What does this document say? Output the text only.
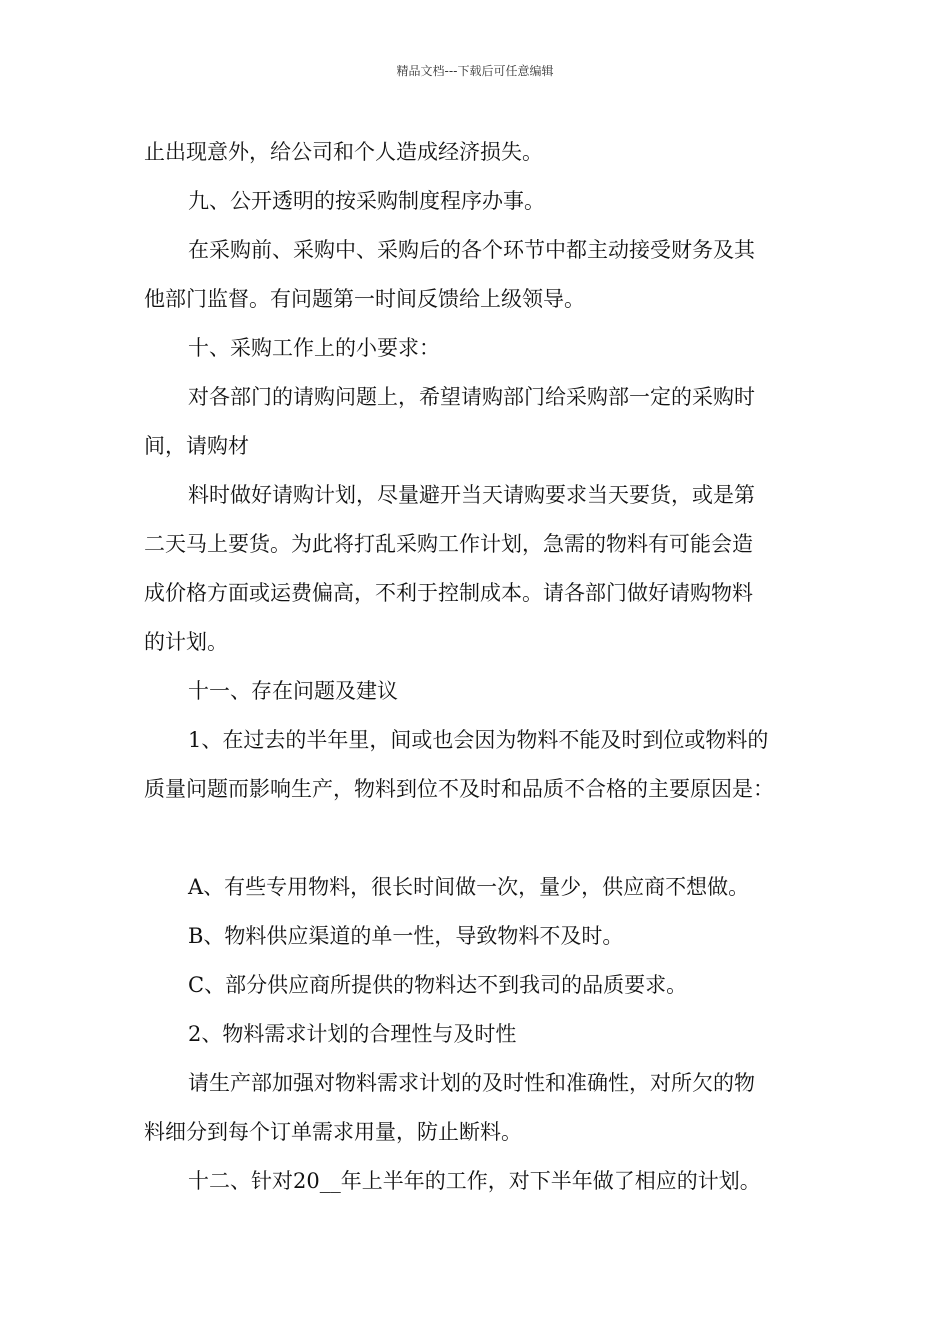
精品文档---下载后可任意编辑

止出现意外，给公司和个人造成经济损失。

九、公开透明的按采购制度程序办事。

在采购前、采购中、采购后的各个环节中都主动接受财务及其

他部门监督。有问题第一时间反馈给上级领导。

十、采购工作上的小要求：

对各部门的请购问题上，希望请购部门给采购部一定的采购时

间，请购材

料时做好请购计划，尽量避开当天请购要求当天要货，或是第

二天马上要货。为此将打乱采购工作计划，急需的物料有可能会造

成价格方面或运费偏高，不利于控制成本。请各部门做好请购物料

的计划。

十一、存在问题及建议

1、在过去的半年里，间或也会因为物料不能及时到位或物料的

质量问题而影响生产，物料到位不及时和品质不合格的主要原因是：

A、有些专用物料，很长时间做一次，量少，供应商不想做。

B、物料供应渠道的单一性，导致物料不及时。

C、部分供应商所提供的物料达不到我司的品质要求。

2、物料需求计划的合理性与及时性

请生产部加强对物料需求计划的及时性和准确性，对所欠的物

料细分到每个订单需求用量，防止断料。

十二、针对20__年上半年的工作，对下半年做了相应的计划。
